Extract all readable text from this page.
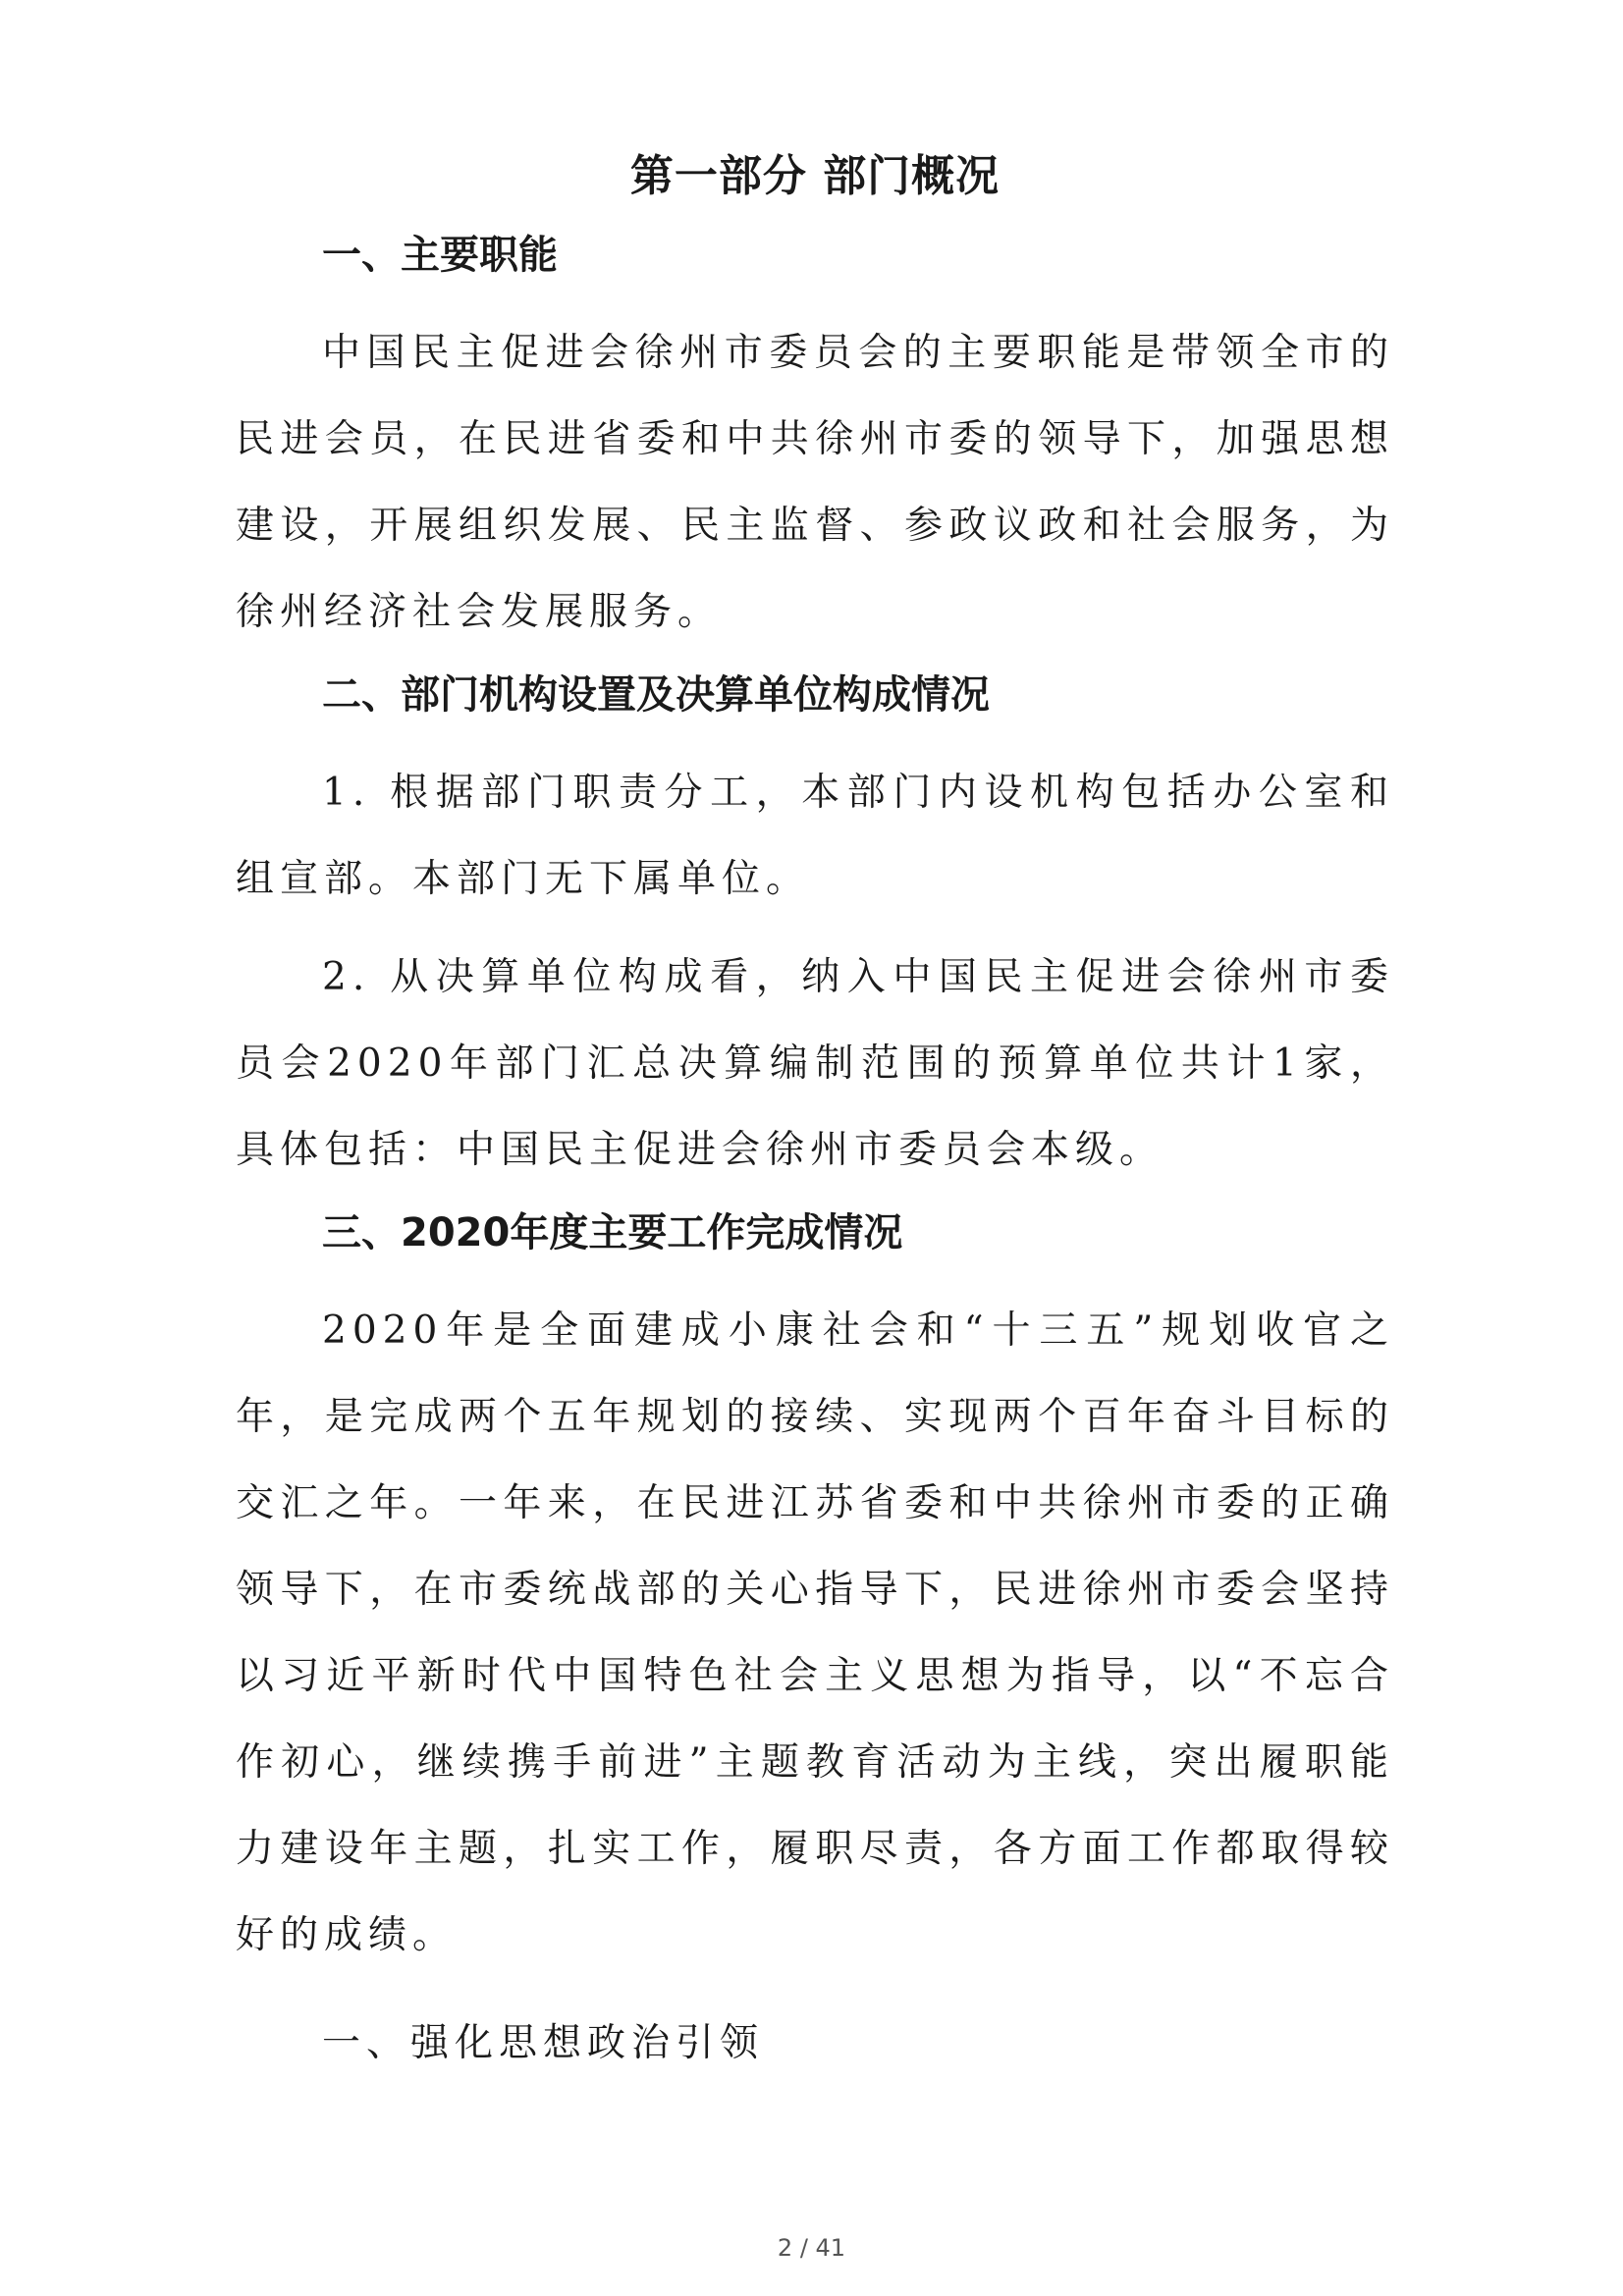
第一部分 部门概况
一、主要职能

中国民主促进会徐州市委员会的主要职能是带领全市的民进会员，在民进省委和中共徐州市委的领导下，加强思想建设，开展组织发展、民主监督、参政议政和社会服务，为徐州经济社会发展服务。

二、部门机构设置及决算单位构成情况

1. 根据部门职责分工，本部门内设机构包括办公室和组宣部。本部门无下属单位。

2. 从决算单位构成看，纳入中国民主促进会徐州市委员会2020年部门汇总决算编制范围的预算单位共计1家，具体包括：中国民主促进会徐州市委员会本级。

三、2020年度主要工作完成情况

2020年是全面建成小康社会和“十三五”规划收官之年，是完成两个五年规划的接续、实现两个百年奋斗目标的交汇之年。一年来，在民进江苏省委和中共徐州市委的正确领导下，在市委统战部的关心指导下，民进徐州市委会坚持以习近平新时代中国特色社会主义思想为指导，以“不忘合作初心，继续携手前进”主题教育活动为主线，突出履职能力建设年主题，扎实工作，履职尽责，各方面工作都取得较好的成绩。

一、强化思想政治引领

2 / 41
